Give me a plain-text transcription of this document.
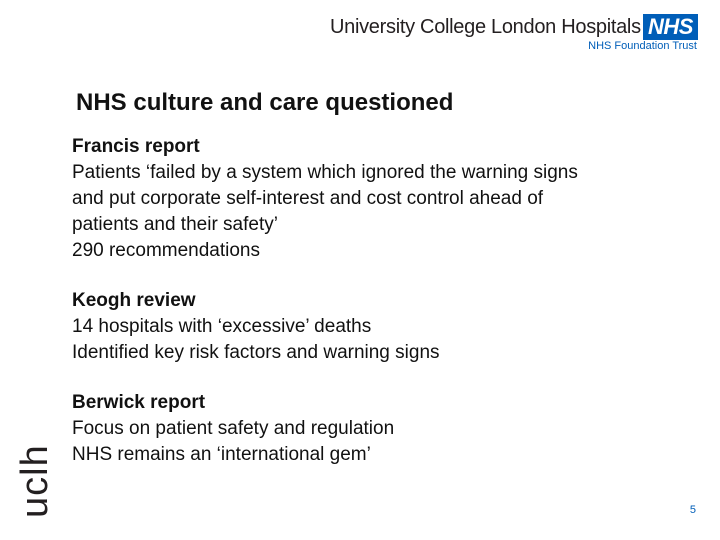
University College London Hospitals NHS
NHS Foundation Trust
NHS culture and care questioned
Francis report
Patients ‘failed by a system which ignored the warning signs
and put corporate self-interest and cost control ahead of
patients and their safety’
290 recommendations
Keogh review
14 hospitals with ‘excessive’ deaths
Identified key risk factors and warning signs
Berwick report
Focus on patient safety and regulation
NHS remains an ‘international gem’
uclh	5
